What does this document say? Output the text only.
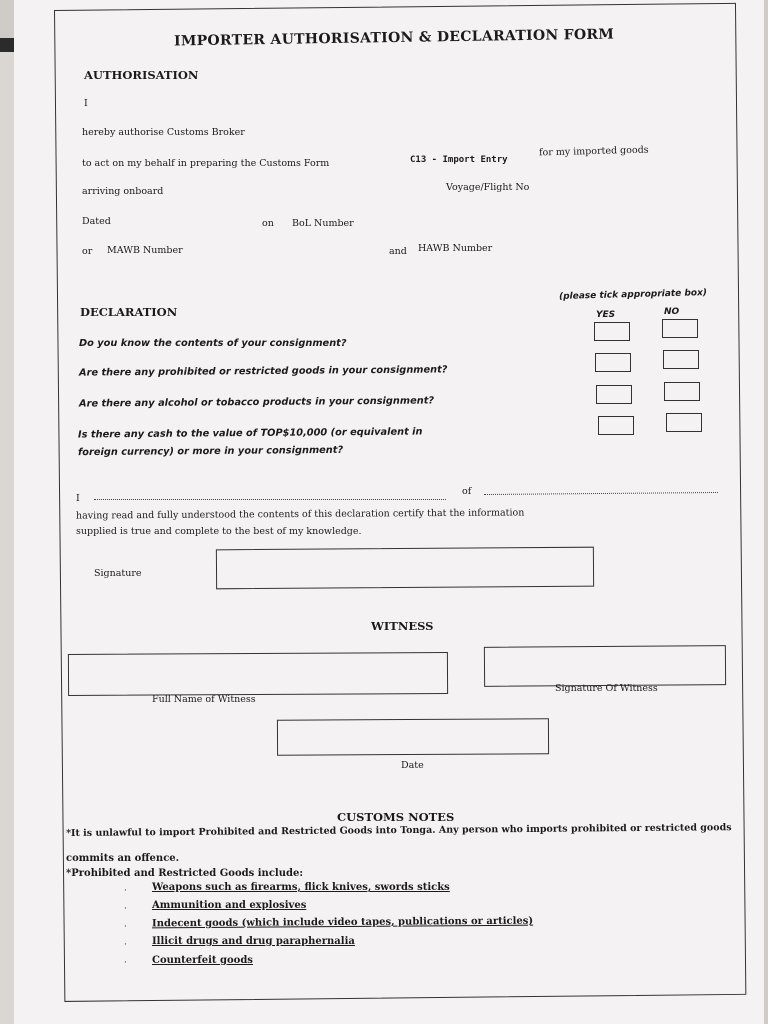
IMPORTER AUTHORISATION & DECLARATION FORM
AUTHORISATION
I
hereby authorise Customs Broker
to act on my behalf in preparing the Customs Form	C13 - Import Entry
for my imported goods
arriving onboard	Voyage/Flight No
Dated	on BoL Number
or MAWB Number	and HAWB Number
DECLARATION
(please tick appropriate box)
YES	NO
Do you know the contents of your consignment?
Are there any prohibited or restricted goods in your consignment?
Are there any alcohol or tobacco products in your consignment?
Is there any cash to the value of TOP$10,000 (or equivalent in
foreign currency) or more in your consignment?
I
of
having read and fully understood the contents of this declaration certify that the information
supplied is true and complete to the best of my knowledge.
Signature
WITNESS
Full Name of Witness
Signature Of Witness
Date
CUSTOMS NOTES
*It is unlawful to import Prohibited and Restricted Goods into Tonga. Any person who imports prohibited or restricted goods
commits an offence.
*Prohibited and Restricted Goods include:
·	Weapons such as firearms, flick knives, swords sticks
·	Ammunition and explosives
·	Indecent goods (which include video tapes, publications or articles)
·	Illicit drugs and drug paraphernalia
·	Counterfeit goods
